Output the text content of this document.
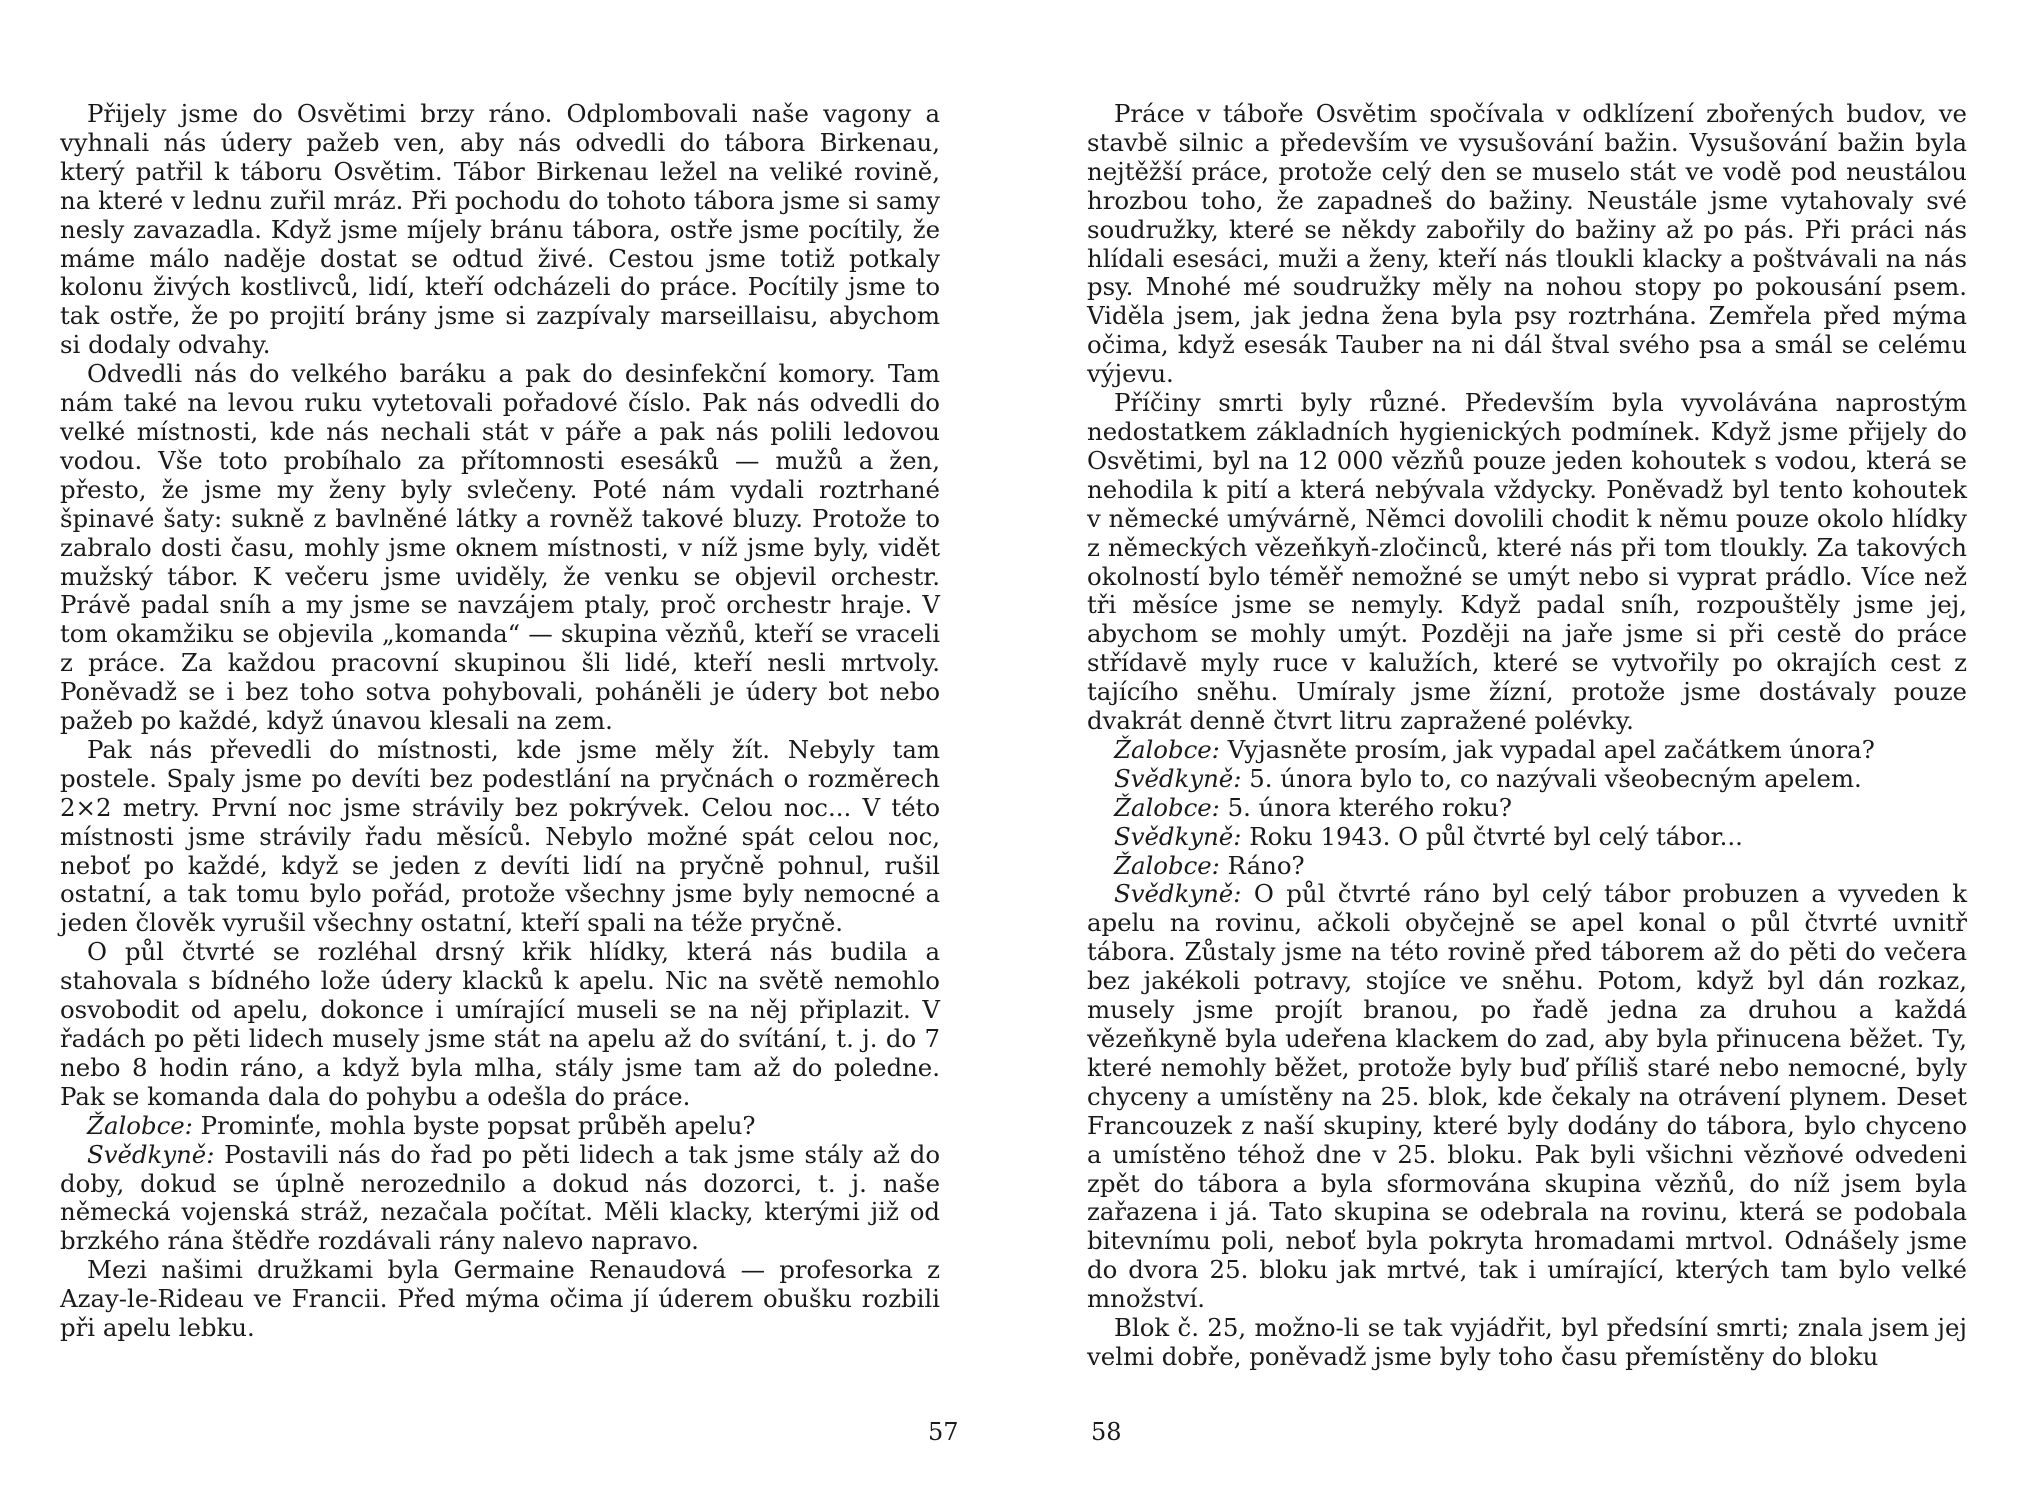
Přijely jsme do Osvětimi brzy ráno. Odplombovali naše vagony a vyhnali nás údery pažeb ven, aby nás odvedli do tábora Birkenau, který patřil k táboru Osvětim. Tábor Birkenau ležel na veliké rovině, na které v lednu zuřil mráz. Při pochodu do tohoto tábora jsme si samy nesly zavazadla. Když jsme míjely bránu tábora, ostře jsme pocítily, že máme málo naděje dostat se odtud živé. Cestou jsme totiž potkaly kolonu živých kostlivců, lidí, kteří odcházeli do práce. Pocítily jsme to tak ostře, že po projití brány jsme si zazpívaly marseillaisu, abychom si dodaly odvahy.

Odvedli nás do velkého baráku a pak do desinfekční komory. Tam nám také na levou ruku vytetovali pořadové číslo. Pak nás odvedli do velké místnosti, kde nás nechali stát v páře a pak nás polili ledovou vodou. Vše toto probíhalo za přítomnosti esesáků — mužů a žen, přesto, že jsme my ženy byly svlečeny. Poté nám vydali roztrhané špinavé šaty: sukně z bavlněné látky a rovněž takové bluzy. Protože to zabralo dosti času, mohly jsme oknem místnosti, v níž jsme byly, vidět mužský tábor. K večeru jsme uviděly, že venku se objevil orchestr. Právě padal sníh a my jsme se navzájem ptaly, proč orchestr hraje. V tom okamžiku se objevila „komanda“ — skupina vězňů, kteří se vraceli z práce. Za každou pracovní skupinou šli lidé, kteří nesli mrtvoly. Poněvadž se i bez toho sotva pohybovali, poháněli je údery bot nebo pažeb po každé, když únavou klesali na zem.

Pak nás převedli do místnosti, kde jsme měly žít. Nebyly tam postele. Spaly jsme po devíti bez podestlání na pryčnách o rozměrech 2×2 metry. První noc jsme strávily bez pokrývek. Celou noc... V této místnosti jsme strávily řadu měsíců. Nebylo možné spát celou noc, neboť po každé, když se jeden z devíti lidí na pryčně pohnul, rušil ostatní, a tak tomu bylo pořád, protože všechny jsme byly nemocné a jeden člověk vyrušil všechny ostatní, kteří spali na téže pryčně.

O půl čtvrté se rozléhal drsný křik hlídky, která nás budila a stahovala s bídného lože údery klacků k apelu. Nic na světě nemohlo osvobodit od apelu, dokonce i umírající museli se na něj připlazit. V řadách po pěti lidech musely jsme stát na apelu až do svítání, t. j. do 7 nebo 8 hodin ráno, a když byla mlha, stály jsme tam až do poledne. Pak se komanda dala do pohybu a odešla do práce.

Žalobce: Prominťe, mohla byste popsat průběh apelu?

Svědkyně: Postavili nás do řad po pěti lidech a tak jsme stály až do doby, dokud se úplně nerozednilo a dokud nás dozorci, t. j. naše německá vojenská stráž, nezačala počítat. Měli klacky, kterými již od brzkého rána štědře rozdávali rány nalevo napravo.

Mezi našimi družkami byla Germaine Renaudová — profesorka z Azay-le-Rideau ve Francii. Před mýma očima jí úderem obušku rozbili při apelu lebku.

57

Práce v táboře Osvětim spočívala v odklízení zbořených budov, ve stavbě silnic a především ve vysušování bažin. Vysušování bažin byla nejtěžší práce, protože celý den se muselo stát ve vodě pod neustálou hrozbou toho, že zapadneš do bažiny. Neustále jsme vytahovaly své soudružky, které se někdy zabořily do bažiny až po pás. Při práci nás hlídali esesáci, muži a ženy, kteří nás tloukli klacky a poštvávali na nás psy. Mnohé mé soudružky měly na nohou stopy po pokousání psem. Viděla jsem, jak jedna žena byla psy roztrhána. Zemřela před mýma očima, když esesák Tauber na ni dál štval svého psa a smál se celému výjevu.

Příčiny smrti byly různé. Především byla vyvolávána naprostým nedostatkem základních hygienických podmínek. Když jsme přijely do Osvětimi, byl na 12 000 vězňů pouze jeden kohoutek s vodou, která se nehodila k pití a která nebývala vždycky. Poněvadž byl tento kohoutek v německé umývárně, Němci dovolili chodit k němu pouze okolo hlídky z německých vězeňkyň-zločinců, které nás při tom tloukly. Za takových okolností bylo téměř nemožné se umýt nebo si vyprat prádlo. Více než tři měsíce jsme se nemyly. Když padal sníh, rozpouštěly jsme jej, abychom se mohly umýt. Později na jaře jsme si při cestě do práce střídavě myly ruce v kalužích, které se vytvořily po okrajích cest z tajícího sněhu. Umíraly jsme žízní, protože jsme dostávaly pouze dvakrát denně čtvrt litru zapražené polévky.

Žalobce: Vyjasněte prosím, jak vypadal apel začátkem února?

Svědkyně: 5. února bylo to, co nazývali všeobecným apelem.

Žalobce: 5. února kterého roku?

Svědkyně: Roku 1943. O půl čtvrté byl celý tábor...

Žalobce: Ráno?

Svědkyně: O půl čtvrté ráno byl celý tábor probuzen a vyveden k apelu na rovinu, ačkoli obyčejně se apel konal o půl čtvrté uvnitř tábora. Zůstaly jsme na této rovině před táborem až do pěti do večera bez jakékoli potravy, stojíce ve sněhu. Potom, když byl dán rozkaz, musely jsme projít branou, po řadě jedna za druhou a každá vězeňkyně byla udeřena klackem do zad, aby byla přinucena běžet. Ty, které nemohly běžet, protože byly buď příliš staré nebo nemocné, byly chyceny a umístěny na 25. blok, kde čekaly na otrávení plynem. Deset Francouzek z naší skupiny, které byly dodány do tábora, bylo chyceno a umístěno téhož dne v 25. bloku. Pak byli všichni vězňové odvedeni zpět do tábora a byla sformována skupina vězňů, do níž jsem byla zařazena i já. Tato skupina se odebrala na rovinu, která se podobala bitevnímu poli, neboť byla pokryta hromadami mrtvol. Odnášely jsme do dvora 25. bloku jak mrtvé, tak i umírající, kterých tam bylo velké množství.

Blok č. 25, možno-li se tak vyjádřit, byl předsíní smrti; znala jsem jej velmi dobře, poněvadž jsme byly toho času přemístěny do bloku

58
